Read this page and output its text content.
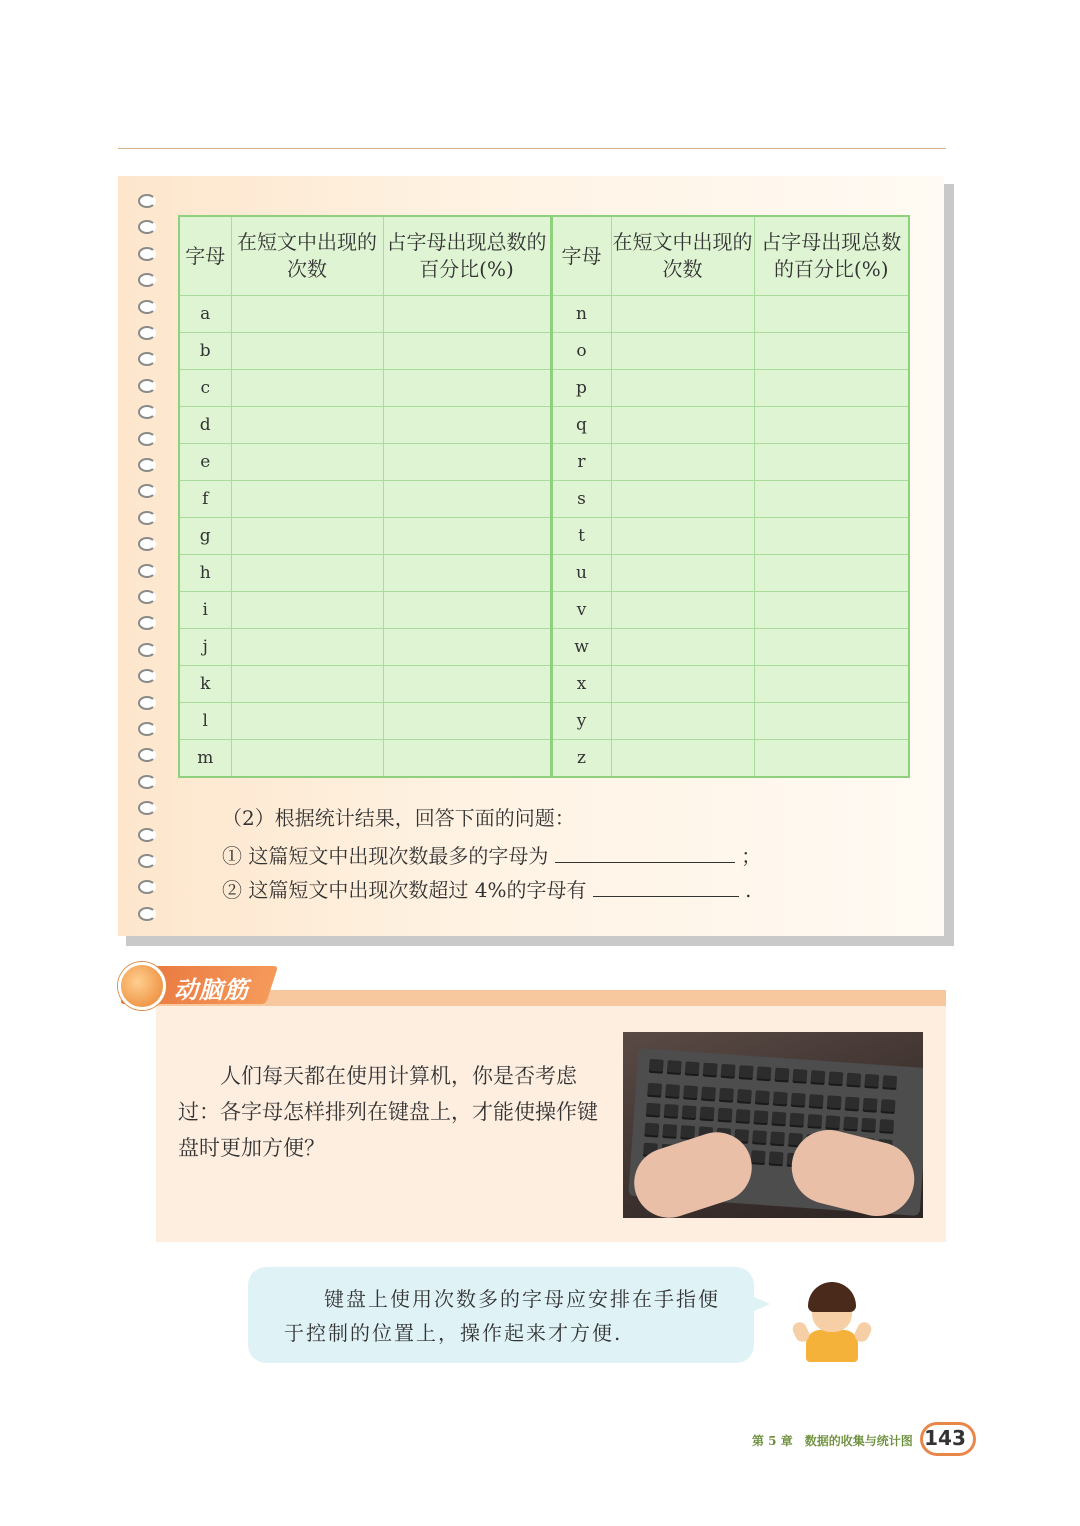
字母	在短文中出现的次数	占字母出现总数的百分比(%)	字母	在短文中出现的次数	占字母出现总数的百分比(%)
a			n		
b			o		
c			p		
d			q		
e			r		
f			s		
g			t		
h			u		
i			v		
j			w		
k			x		
l			y		
m			z		
（2）根据统计结果，回答下面的问题：
① 这篇短文中出现次数最多的字母为	；
② 这篇短文中出现次数超过 4%的字母有	.
动脑筋
人们每天都在使用计算机，你是否考虑过：各字母怎样排列在键盘上，才能使操作键盘时更加方便？
键盘上使用次数多的字母应安排在手指便于控制的位置上，操作起来才方便.
第 5 章 数据的收集与统计图 143
